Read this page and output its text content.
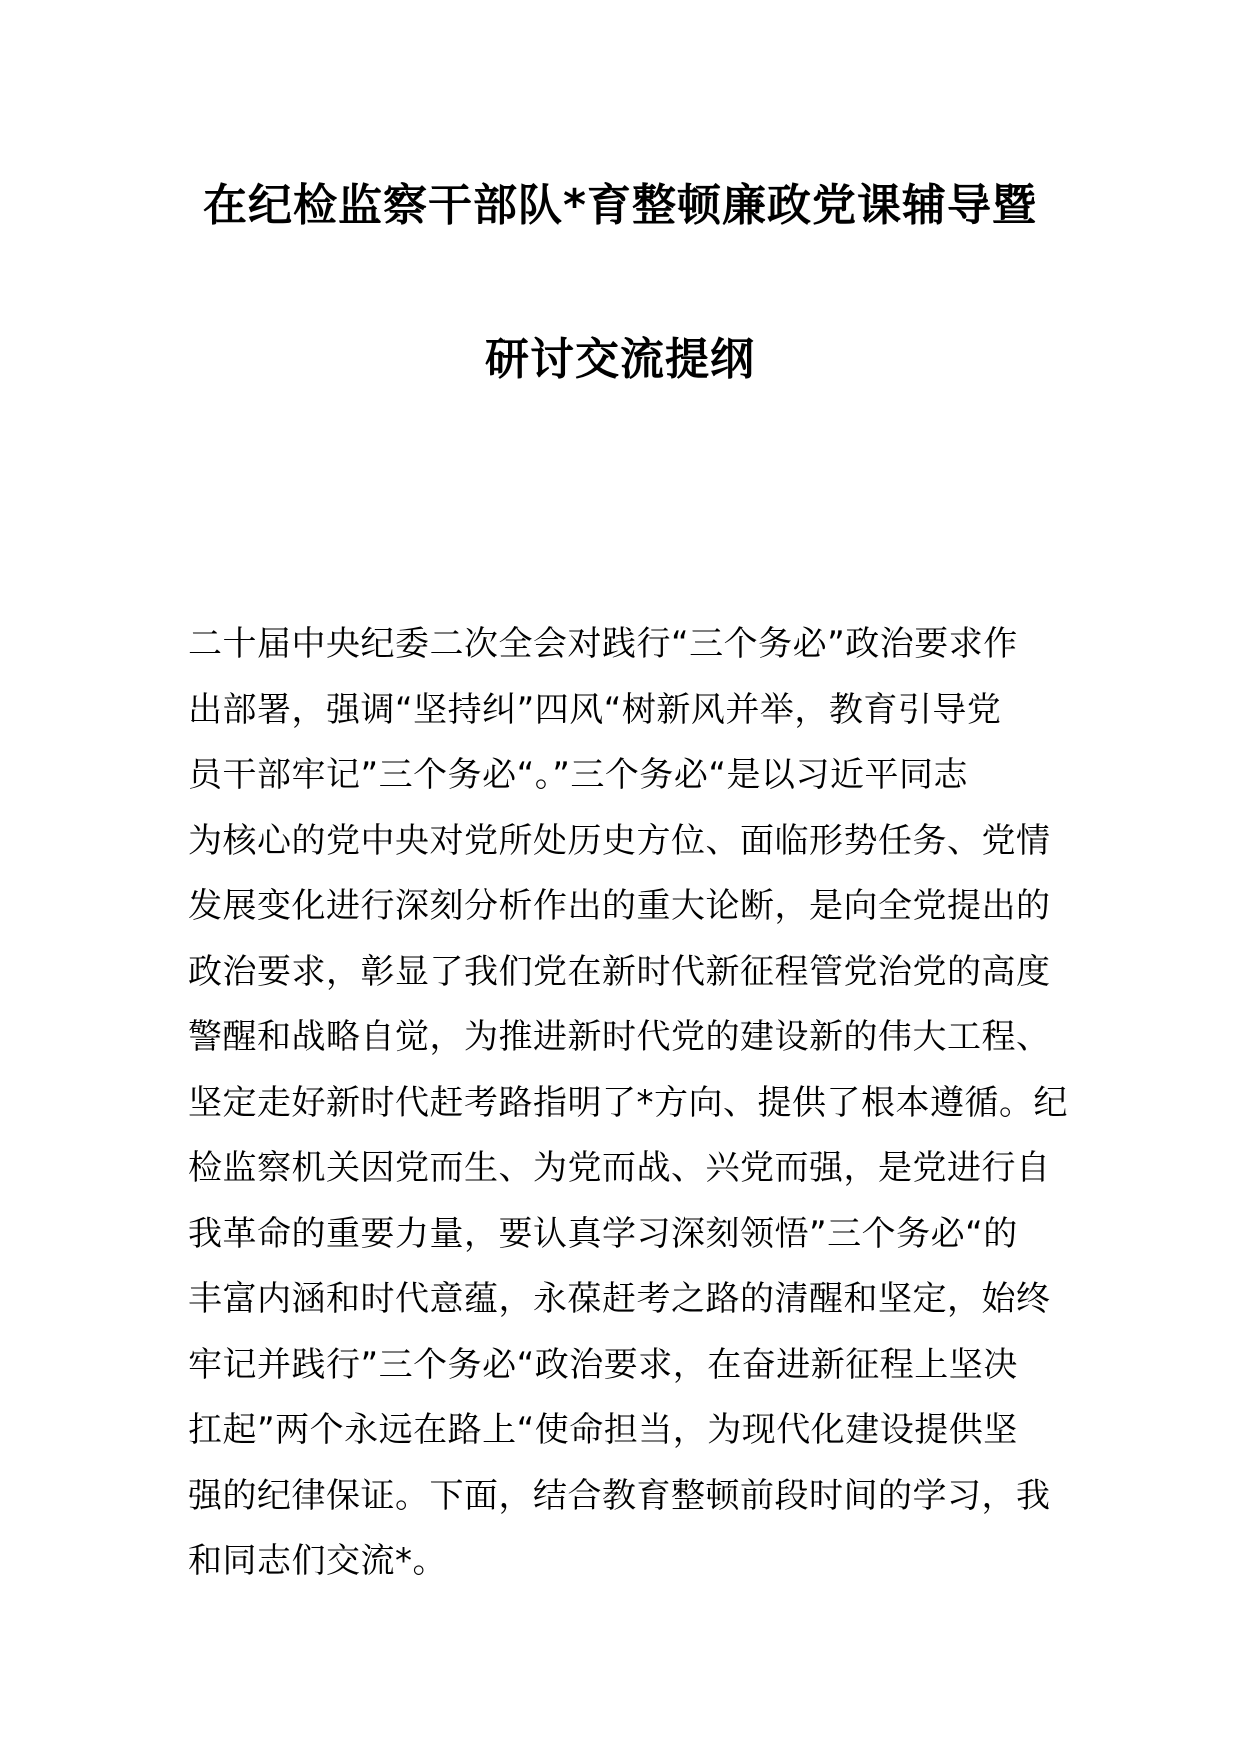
在纪检监察干部队*育整顿廉政党课辅导暨
研讨交流提纲
二十届中央纪委二次全会对践行“三个务必”政治要求作
出部署，强调“坚持纠”四风“树新风并举，教育引导党
员干部牢记”三个务必“。”三个务必“是以习近平同志
为核心的党中央对党所处历史方位、面临形势任务、党情
发展变化进行深刻分析作出的重大论断，是向全党提出的
政治要求，彰显了我们党在新时代新征程管党治党的高度
警醒和战略自觉，为推进新时代党的建设新的伟大工程、
坚定走好新时代赶考路指明了*方向、提供了根本遵循。纪
检监察机关因党而生、为党而战、兴党而强，是党进行自
我革命的重要力量，要认真学习深刻领悟”三个务必“的
丰富内涵和时代意蕴，永葆赶考之路的清醒和坚定，始终
牢记并践行”三个务必“政治要求，在奋进新征程上坚决
扛起”两个永远在路上“使命担当，为现代化建设提供坚
强的纪律保证。下面，结合教育整顿前段时间的学习，我
和同志们交流*。
